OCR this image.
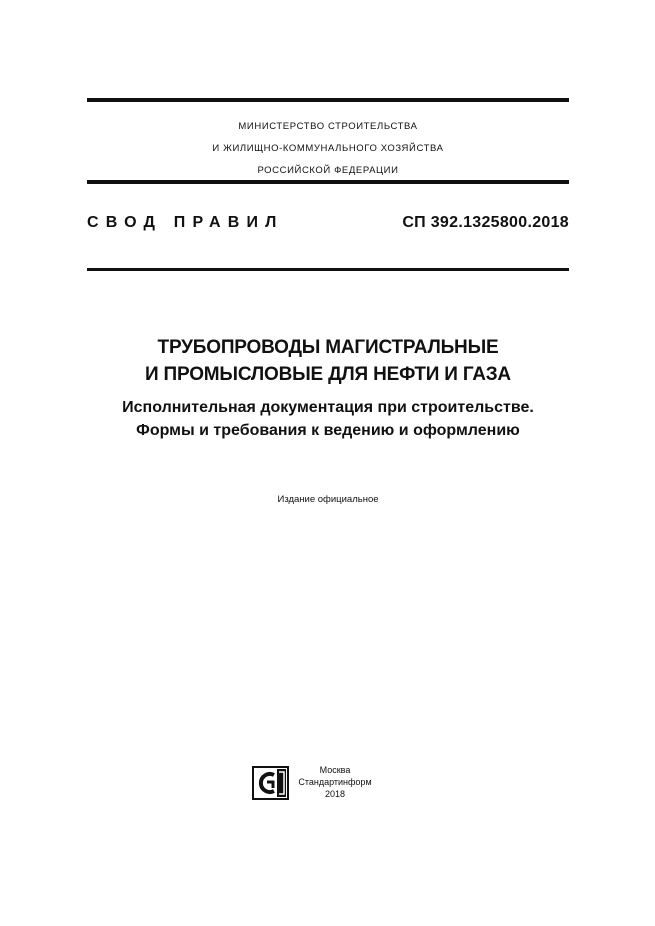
МИНИСТЕРСТВО СТРОИТЕЛЬСТВА
И ЖИЛИЩНО-КОММУНАЛЬНОГО ХОЗЯЙСТВА
РОССИЙСКОЙ ФЕДЕРАЦИИ
СВОД ПРАВИЛ	СП 392.1325800.2018
ТРУБОПРОВОДЫ МАГИСТРАЛЬНЫЕ
И ПРОМЫСЛОВЫЕ ДЛЯ НЕФТИ И ГАЗА
Исполнительная документация при строительстве.
Формы и требования к ведению и оформлению
Издание официальное
Москва
Стандартинформ
2018
